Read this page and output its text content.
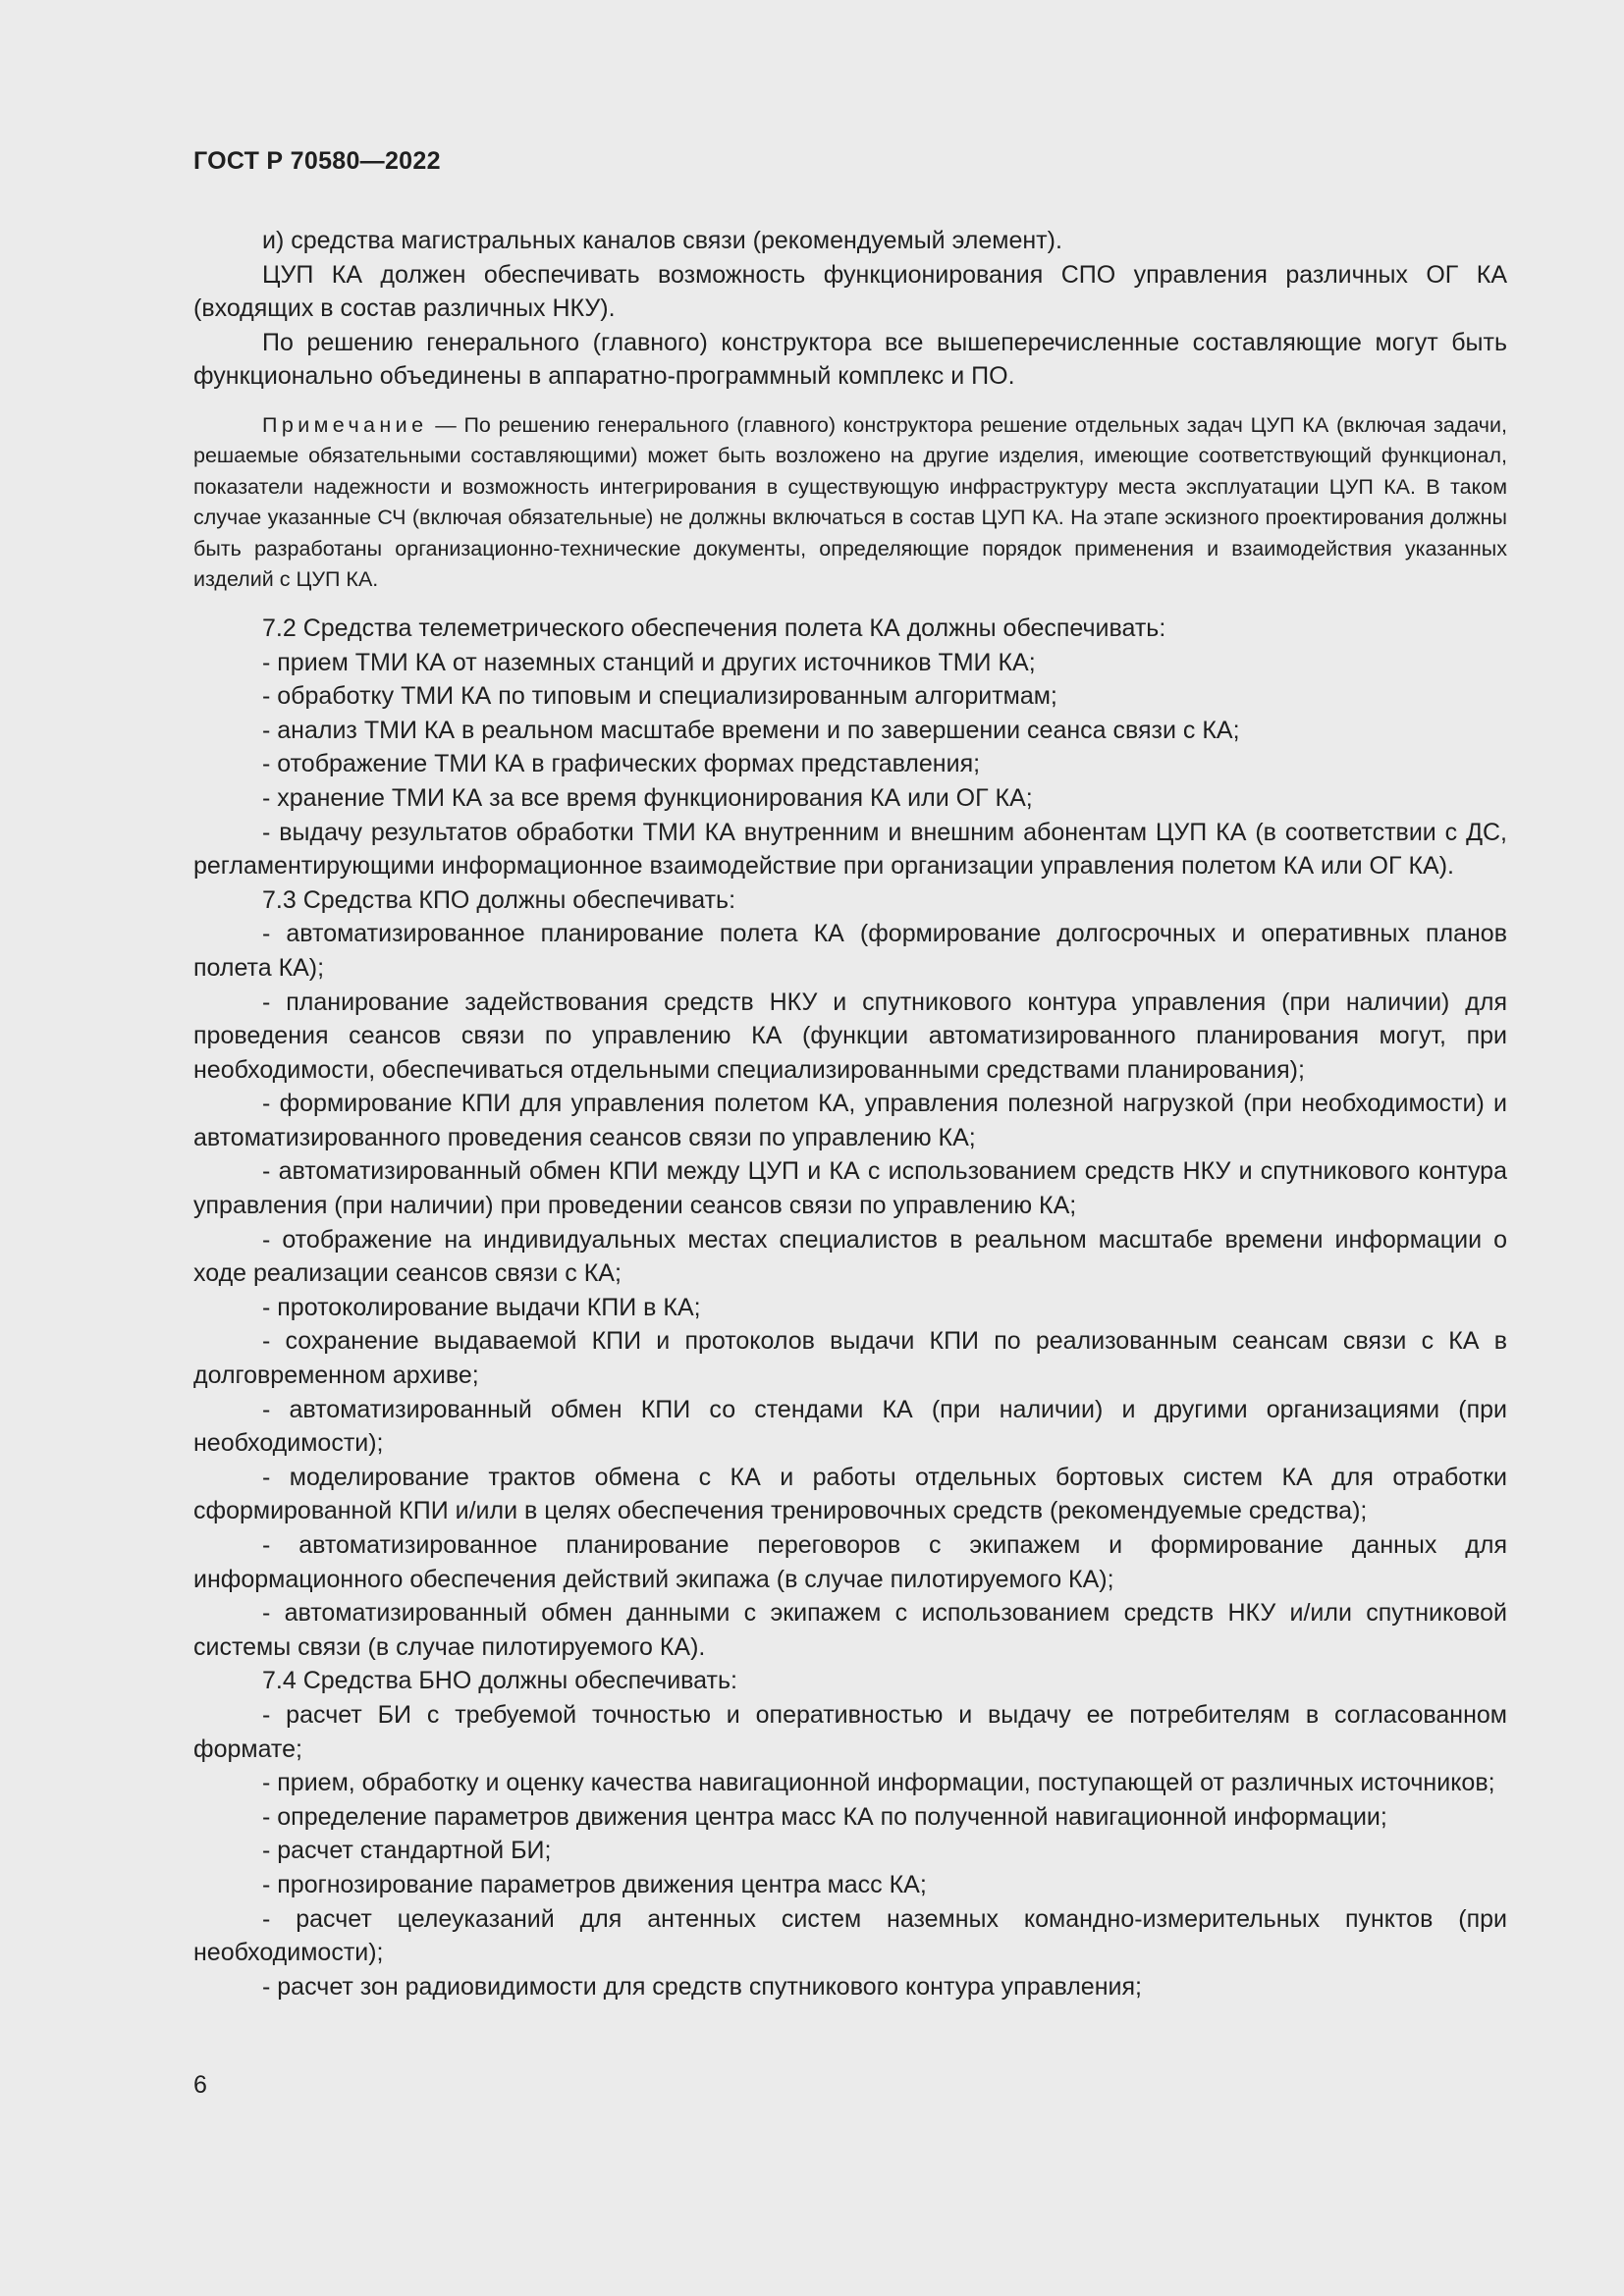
ГОСТ Р 70580—2022

и) средства магистральных каналов связи (рекомендуемый элемент).

ЦУП КА должен обеспечивать возможность функционирования СПО управления различных ОГ КА (входящих в состав различных НКУ).

По решению генерального (главного) конструктора все вышеперечисленные составляющие могут быть функционально объединены в аппаратно-программный комплекс и ПО.

Примечание — По решению генерального (главного) конструктора решение отдельных задач ЦУП КА (включая задачи, решаемые обязательными составляющими) может быть возложено на другие изделия, имеющие соответствующий функционал, показатели надежности и возможность интегрирования в существующую инфраструктуру места эксплуатации ЦУП КА. В таком случае указанные СЧ (включая обязательные) не должны включаться в состав ЦУП КА. На этапе эскизного проектирования должны быть разработаны организационно-технические документы, определяющие порядок применения и взаимодействия указанных изделий с ЦУП КА.

7.2 Средства телеметрического обеспечения полета КА должны обеспечивать:

- прием ТМИ КА от наземных станций и других источников ТМИ КА;

- обработку ТМИ КА по типовым и специализированным алгоритмам;

- анализ ТМИ КА в реальном масштабе времени и по завершении сеанса связи с КА;

- отображение ТМИ КА в графических формах представления;

- хранение ТМИ КА за все время функционирования КА или ОГ КА;

- выдачу результатов обработки ТМИ КА внутренним и внешним абонентам ЦУП КА (в соответствии с ДС, регламентирующими информационное взаимодействие при организации управления полетом КА или ОГ КА).

7.3 Средства КПО должны обеспечивать:

- автоматизированное планирование полета КА (формирование долгосрочных и оперативных планов полета КА);

- планирование задействования средств НКУ и спутникового контура управления (при наличии) для проведения сеансов связи по управлению КА (функции автоматизированного планирования могут, при необходимости, обеспечиваться отдельными специализированными средствами планирования);

- формирование КПИ для управления полетом КА, управления полезной нагрузкой (при необходимости) и автоматизированного проведения сеансов связи по управлению КА;

- автоматизированный обмен КПИ между ЦУП и КА с использованием средств НКУ и спутникового контура управления (при наличии) при проведении сеансов связи по управлению КА;

- отображение на индивидуальных местах специалистов в реальном масштабе времени информации о ходе реализации сеансов связи с КА;

- протоколирование выдачи КПИ в КА;

- сохранение выдаваемой КПИ и протоколов выдачи КПИ по реализованным сеансам связи с КА в долговременном архиве;

- автоматизированный обмен КПИ со стендами КА (при наличии) и другими организациями (при необходимости);

- моделирование трактов обмена с КА и работы отдельных бортовых систем КА для отработки сформированной КПИ и/или в целях обеспечения тренировочных средств (рекомендуемые средства);

- автоматизированное планирование переговоров с экипажем и формирование данных для информационного обеспечения действий экипажа (в случае пилотируемого КА);

- автоматизированный обмен данными с экипажем с использованием средств НКУ и/или спутниковой системы связи (в случае пилотируемого КА).

7.4 Средства БНО должны обеспечивать:

- расчет БИ с требуемой точностью и оперативностью и выдачу ее потребителям в согласованном формате;

- прием, обработку и оценку качества навигационной информации, поступающей от различных источников;

- определение параметров движения центра масс КА по полученной навигационной информации;

- расчет стандартной БИ;

- прогнозирование параметров движения центра масс КА;

- расчет целеуказаний для антенных систем наземных командно-измерительных пунктов (при необходимости);

- расчет зон радиовидимости для средств спутникового контура управления;

6
